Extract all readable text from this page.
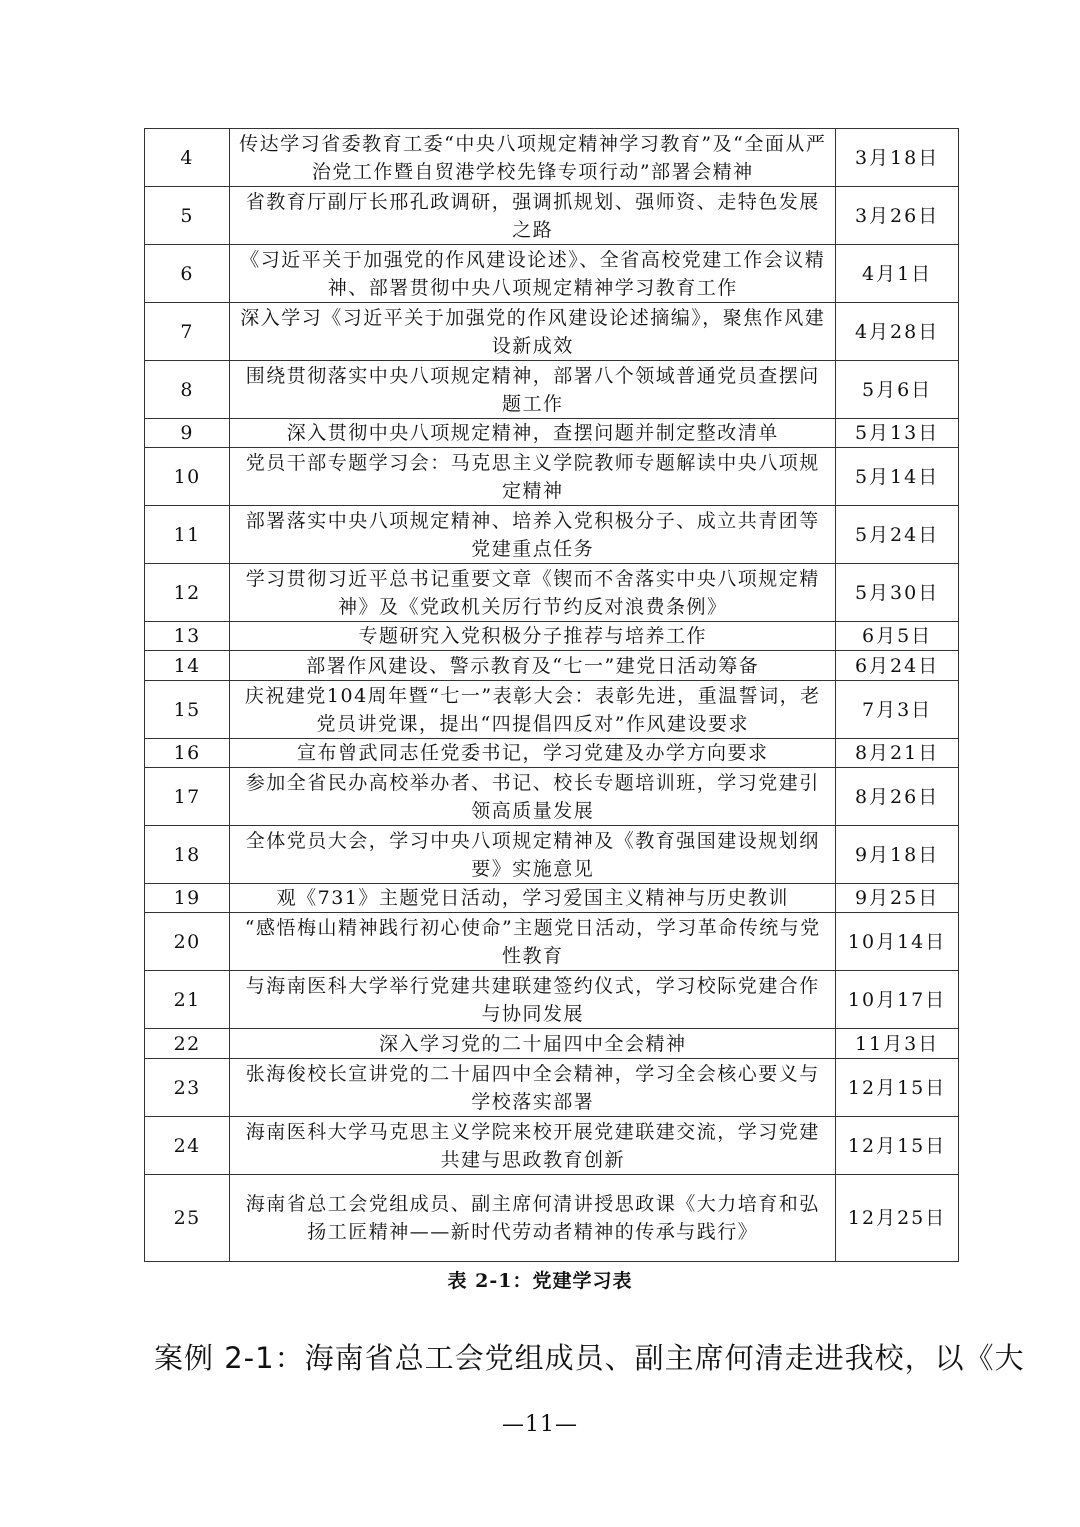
4	传达学习省委教育工委“中央八项规定精神学习教育”及“全面从严治党工作暨自贸港学校先锋专项行动”部署会精神	3月18日
5	省教育厅副厅长邢孔政调研，强调抓规划、强师资、走特色发展之路	3月26日
6	《习近平关于加强党的作风建设论述》、全省高校党建工作会议精神、部署贯彻中央八项规定精神学习教育工作	4月1日
7	深入学习《习近平关于加强党的作风建设论述摘编》，聚焦作风建设新成效	4月28日
8	围绕贯彻落实中央八项规定精神，部署八个领域普通党员查摆问题工作	5月6日
9	深入贯彻中央八项规定精神，查摆问题并制定整改清单	5月13日
10	党员干部专题学习会：马克思主义学院教师专题解读中央八项规定精神	5月14日
11	部署落实中央八项规定精神、培养入党积极分子、成立共青团等党建重点任务	5月24日
12	学习贯彻习近平总书记重要文章《锲而不舍落实中央八项规定精神》及《党政机关厉行节约反对浪费条例》	5月30日
13	专题研究入党积极分子推荐与培养工作	6月5日
14	部署作风建设、警示教育及“七一”建党日活动筹备	6月24日
15	庆祝建党104周年暨“七一”表彰大会：表彰先进，重温誓词，老党员讲党课，提出“四提倡四反对”作风建设要求	7月3日
16	宣布曾武同志任党委书记，学习党建及办学方向要求	8月21日
17	参加全省民办高校举办者、书记、校长专题培训班，学习党建引领高质量发展	8月26日
18	全体党员大会，学习中央八项规定精神及《教育强国建设规划纲要》实施意见	9月18日
19	观《731》主题党日活动，学习爱国主义精神与历史教训	9月25日
20	“感悟梅山精神践行初心使命”主题党日活动，学习革命传统与党性教育	10月14日
21	与海南医科大学举行党建共建联建签约仪式，学习校际党建合作与协同发展	10月17日
22	深入学习党的二十届四中全会精神	11月3日
23	张海俊校长宣讲党的二十届四中全会精神，学习全会核心要义与学校落实部署	12月15日
24	海南医科大学马克思主义学院来校开展党建联建交流，学习党建共建与思政教育创新	12月15日
25	海南省总工会党组成员、副主席何清讲授思政课《大力培育和弘扬工匠精神——新时代劳动者精神的传承与践行》	12月25日
表 2-1：党建学习表
案例 2-1：海南省总工会党组成员、副主席何清走进我校，以《大
—11—
